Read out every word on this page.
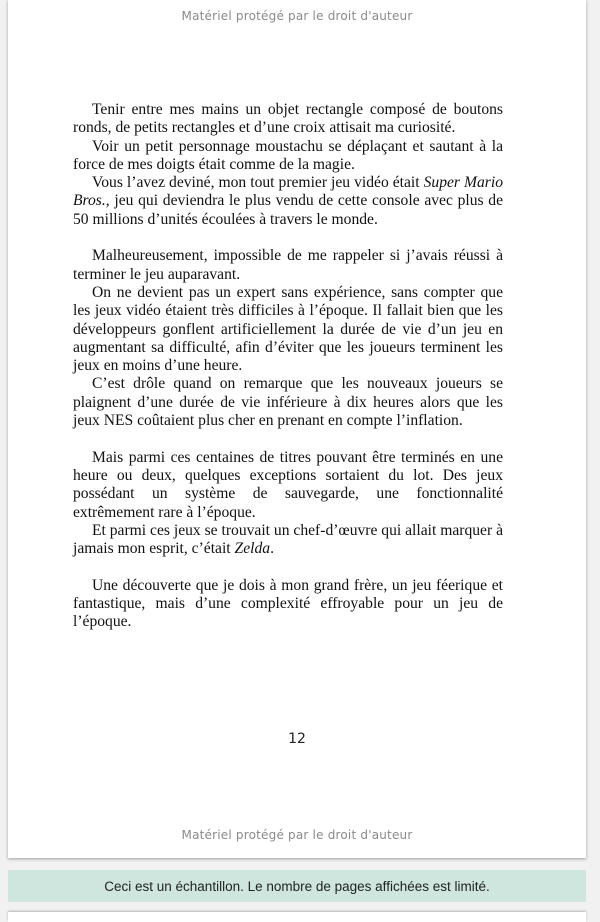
Matériel protégé par le droit d'auteur

Tenir entre mes mains un objet rectangle composé de boutons ronds, de petits rectangles et d’une croix attisait ma curiosité.

Voir un petit personnage moustachu se déplaçant et sautant à la force de mes doigts était comme de la magie.

Vous l’avez deviné, mon tout premier jeu vidéo était Super Mario Bros., jeu qui deviendra le plus vendu de cette console avec plus de 50 millions d’unités écoulées à travers le monde.

Malheureusement, impossible de me rappeler si j’avais réussi à terminer le jeu auparavant.

On ne devient pas un expert sans expérience, sans compter que les jeux vidéo étaient très difficiles à l’époque. Il fallait bien que les développeurs gonflent artificiellement la durée de vie d’un jeu en augmentant sa difficulté, afin d’éviter que les joueurs terminent les jeux en moins d’une heure.

C’est drôle quand on remarque que les nouveaux joueurs se plaignent d’une durée de vie inférieure à dix heures alors que les jeux NES coûtaient plus cher en prenant en compte l’inflation.

Mais parmi ces centaines de titres pouvant être terminés en une heure ou deux, quelques exceptions sortaient du lot. Des jeux possédant un système de sauvegarde, une fonctionnalité extrêmement rare à l’époque.

Et parmi ces jeux se trouvait un chef-d’œuvre qui allait marquer à jamais mon esprit, c’était Zelda.

Une découverte que je dois à mon grand frère, un jeu féerique et fantastique, mais d’une complexité effroyable pour un jeu de l’époque.

12
Matériel protégé par le droit d'auteur
Ceci est un échantillon. Le nombre de pages affichées est limité.
